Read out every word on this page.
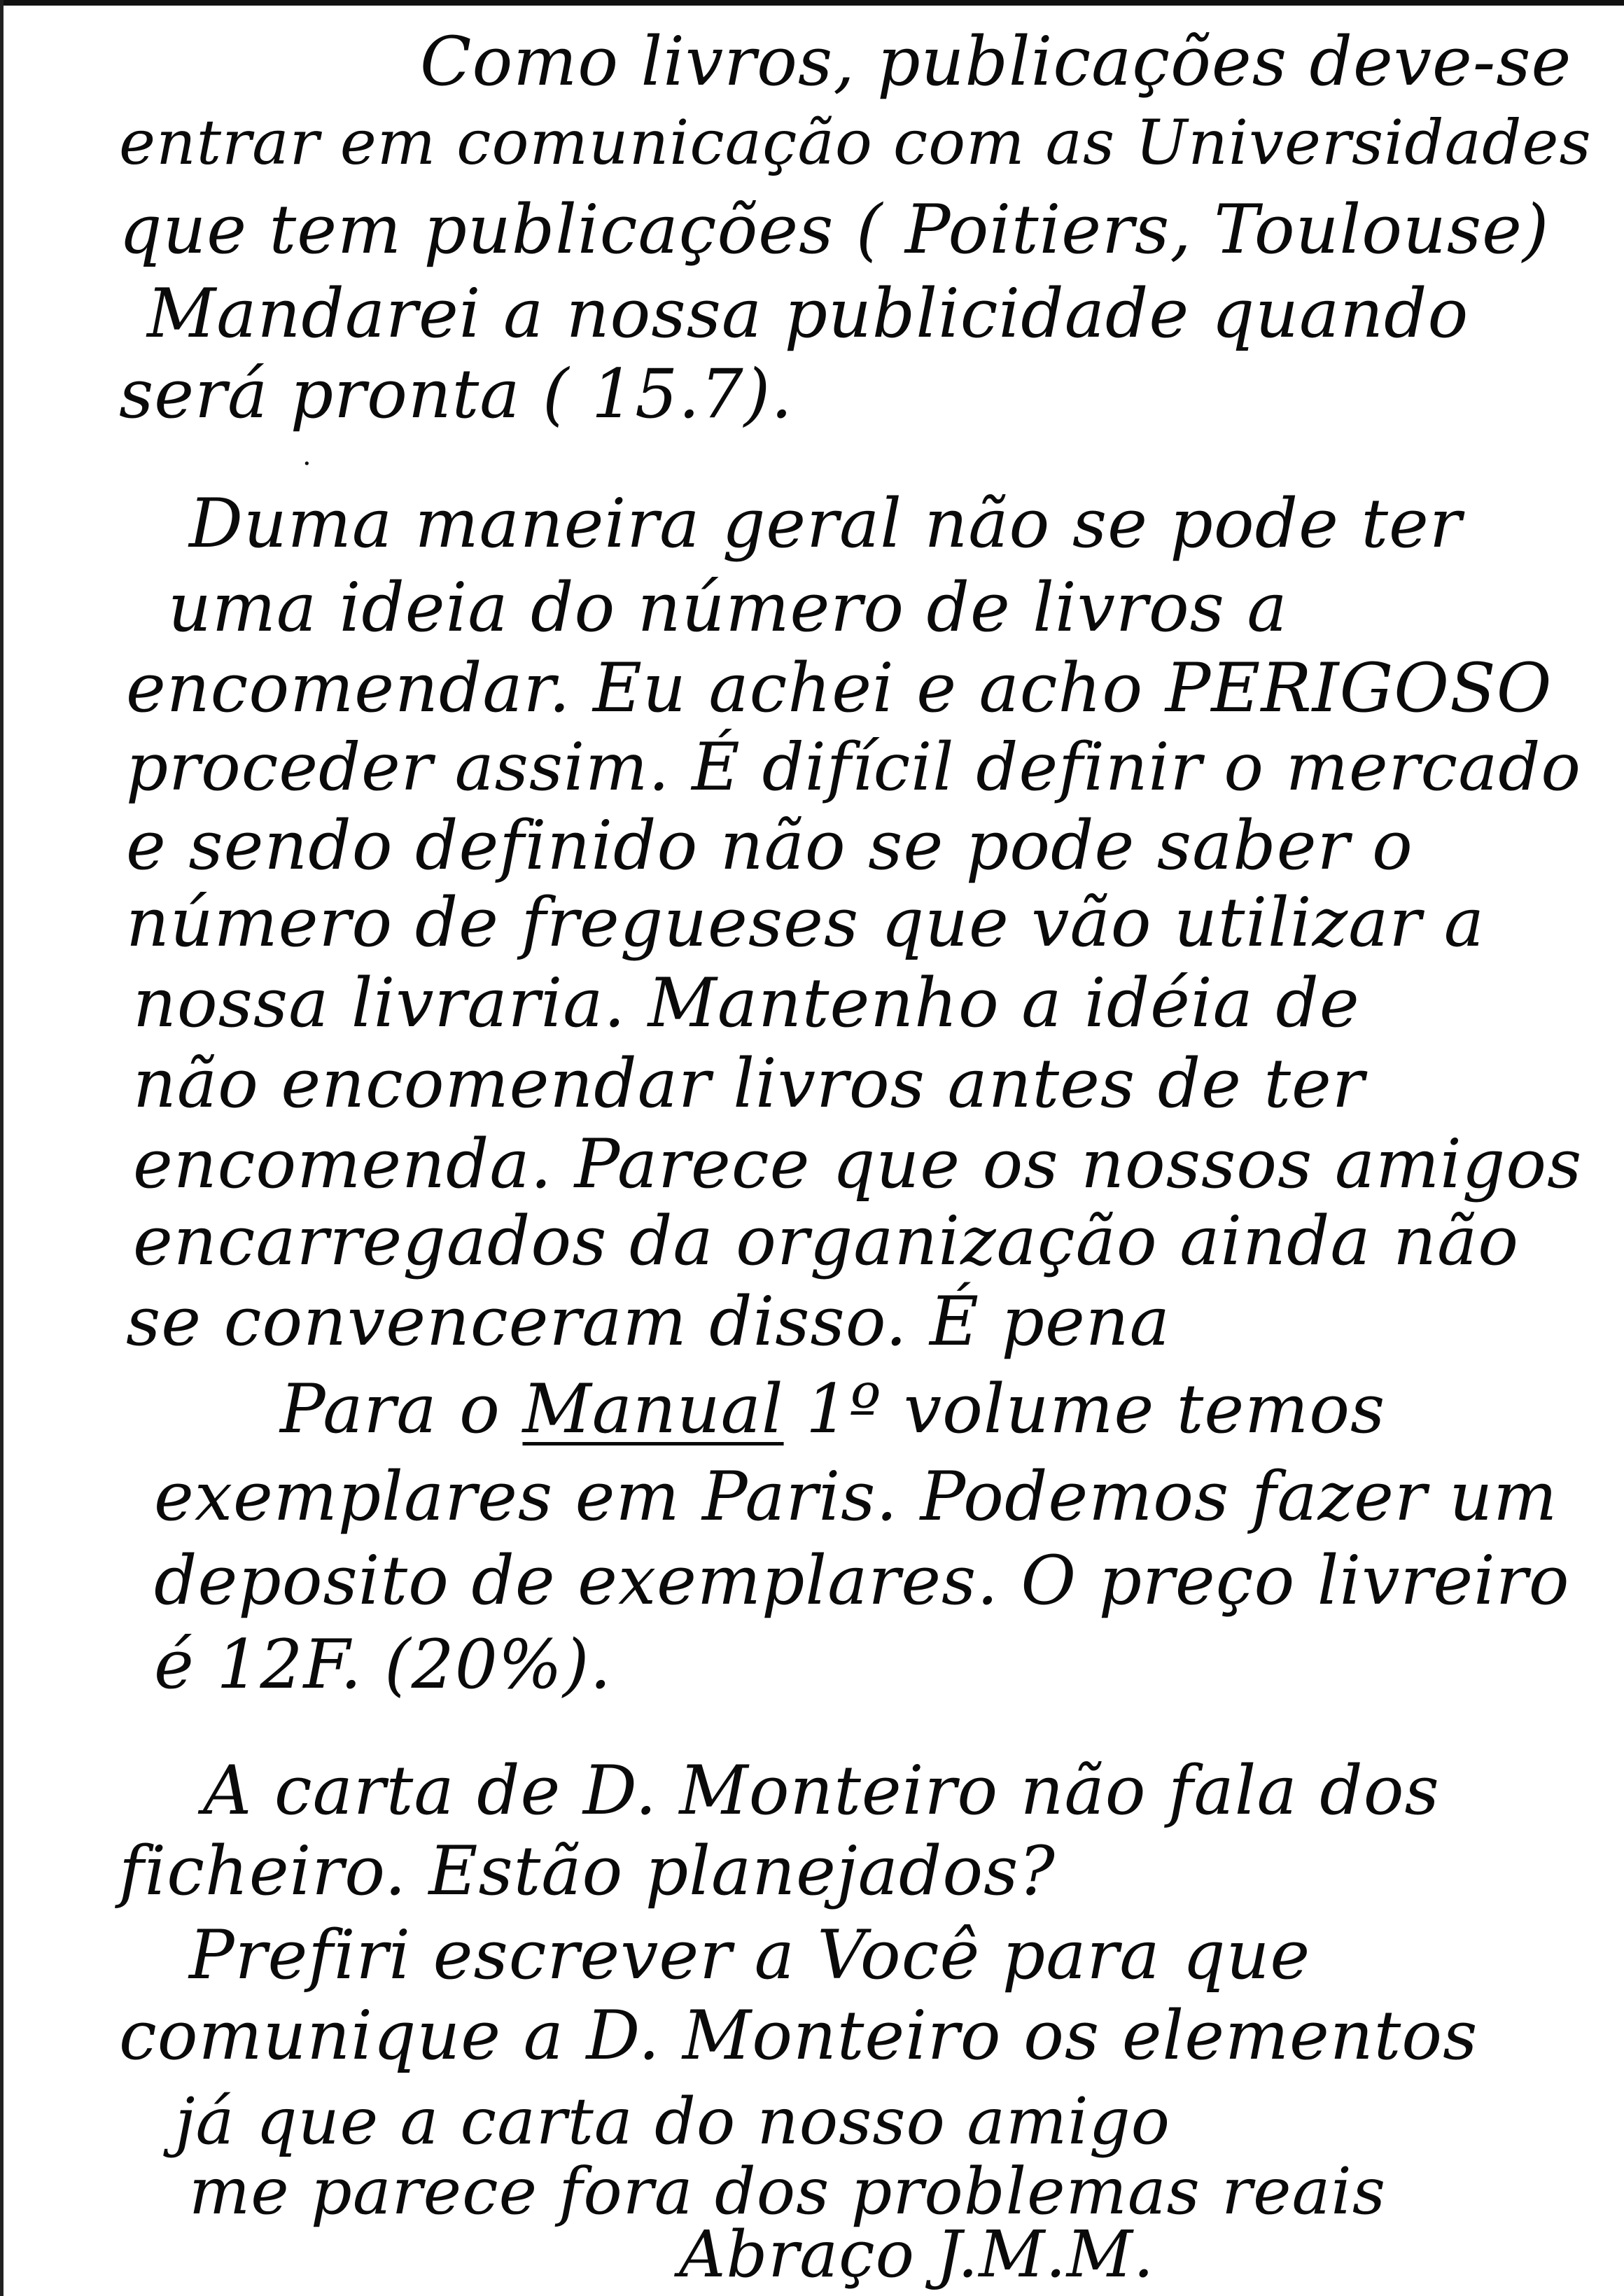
Como livros, publicações deve-se
entrar em comunicação com as Universidades
que tem publicações ( Poitiers, Toulouse)
Mandarei a nossa publicidade quando
será pronta ( 15.7).
·
Duma maneira geral não se pode ter
uma ideia do número de livros a
encomendar. Eu achei e acho PERIGOSO
proceder assim. É difícil definir o mercado
e sendo definido não se pode saber o
número de fregueses que vão utilizar a
nossa livraria. Mantenho a idéia de
não encomendar livros antes de ter
encomenda. Parece que os nossos amigos
encarregados da organização ainda não
se convenceram disso. É pena
Para o Manual 1º volume temos
exemplares em Paris. Podemos fazer um
deposito de exemplares. O preço livreiro
é 12F. (20%).
A carta de D. Monteiro não fala dos
ficheiro. Estão planejados?
Prefiri escrever a Você para que
comunique a D. Monteiro os elementos
já que a carta do nosso amigo
me parece fora dos problemas reais
Abraço J.M.M.
